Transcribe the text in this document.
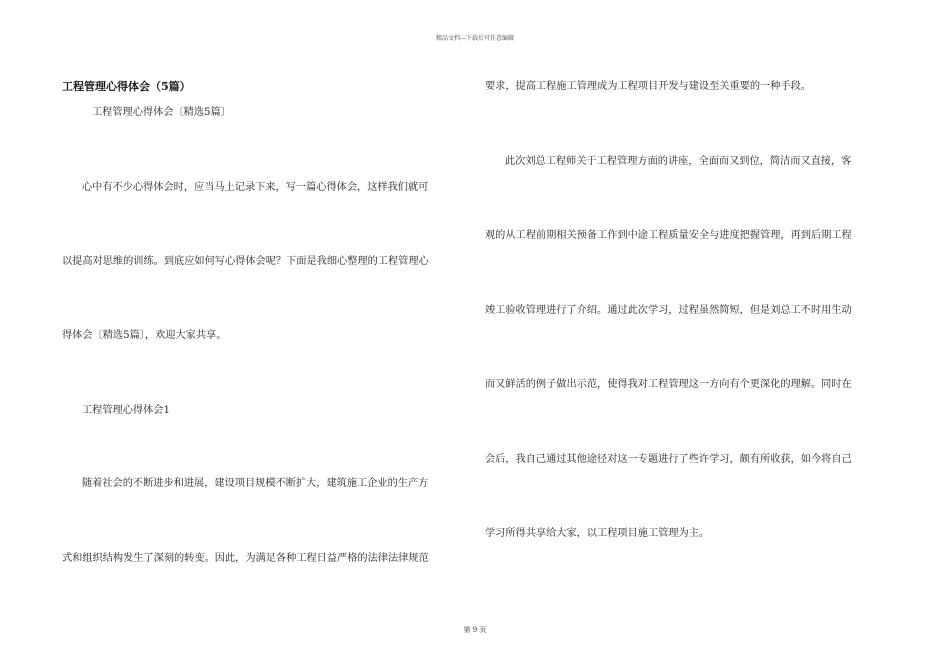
精品文档---下载后可任意编辑
工程管理心得体会（5篇）
工程管理心得体会〔精选5篇〕
心中有不少心得体会时，应当马上记录下来，写一篇心得体会，这样我们就可
以提高对思维的训练。到底应如何写心得体会呢？下面是我细心整理的工程管理心
得体会〔精选5篇〕，欢迎大家共享。
工程管理心得体会1
随着社会的不断进步和进展，建设项目规模不断扩大，建筑施工企业的生产方
式和组织结构发生了深刻的转变。因此，为满足各种工程日益严格的法律法律规范
要求，提高工程施工管理成为工程项目开发与建设至关重要的一种手段。
此次刘总工程师关于工程管理方面的讲座，全面而又到位，简洁而又直接，客
观的从工程前期相关预备工作到中途工程质量安全与进度把握管理，再到后期工程
竣工验收管理进行了介绍。通过此次学习，过程虽然简短，但是刘总工不时用生动
而又鲜活的例子做出示范，使得我对工程管理这一方向有个更深化的理解。同时在
会后，我自己通过其他途径对这一专题进行了些许学习，颇有所收获，如今将自己
学习所得共享给大家，以工程项目施工管理为主。
第 9 页
